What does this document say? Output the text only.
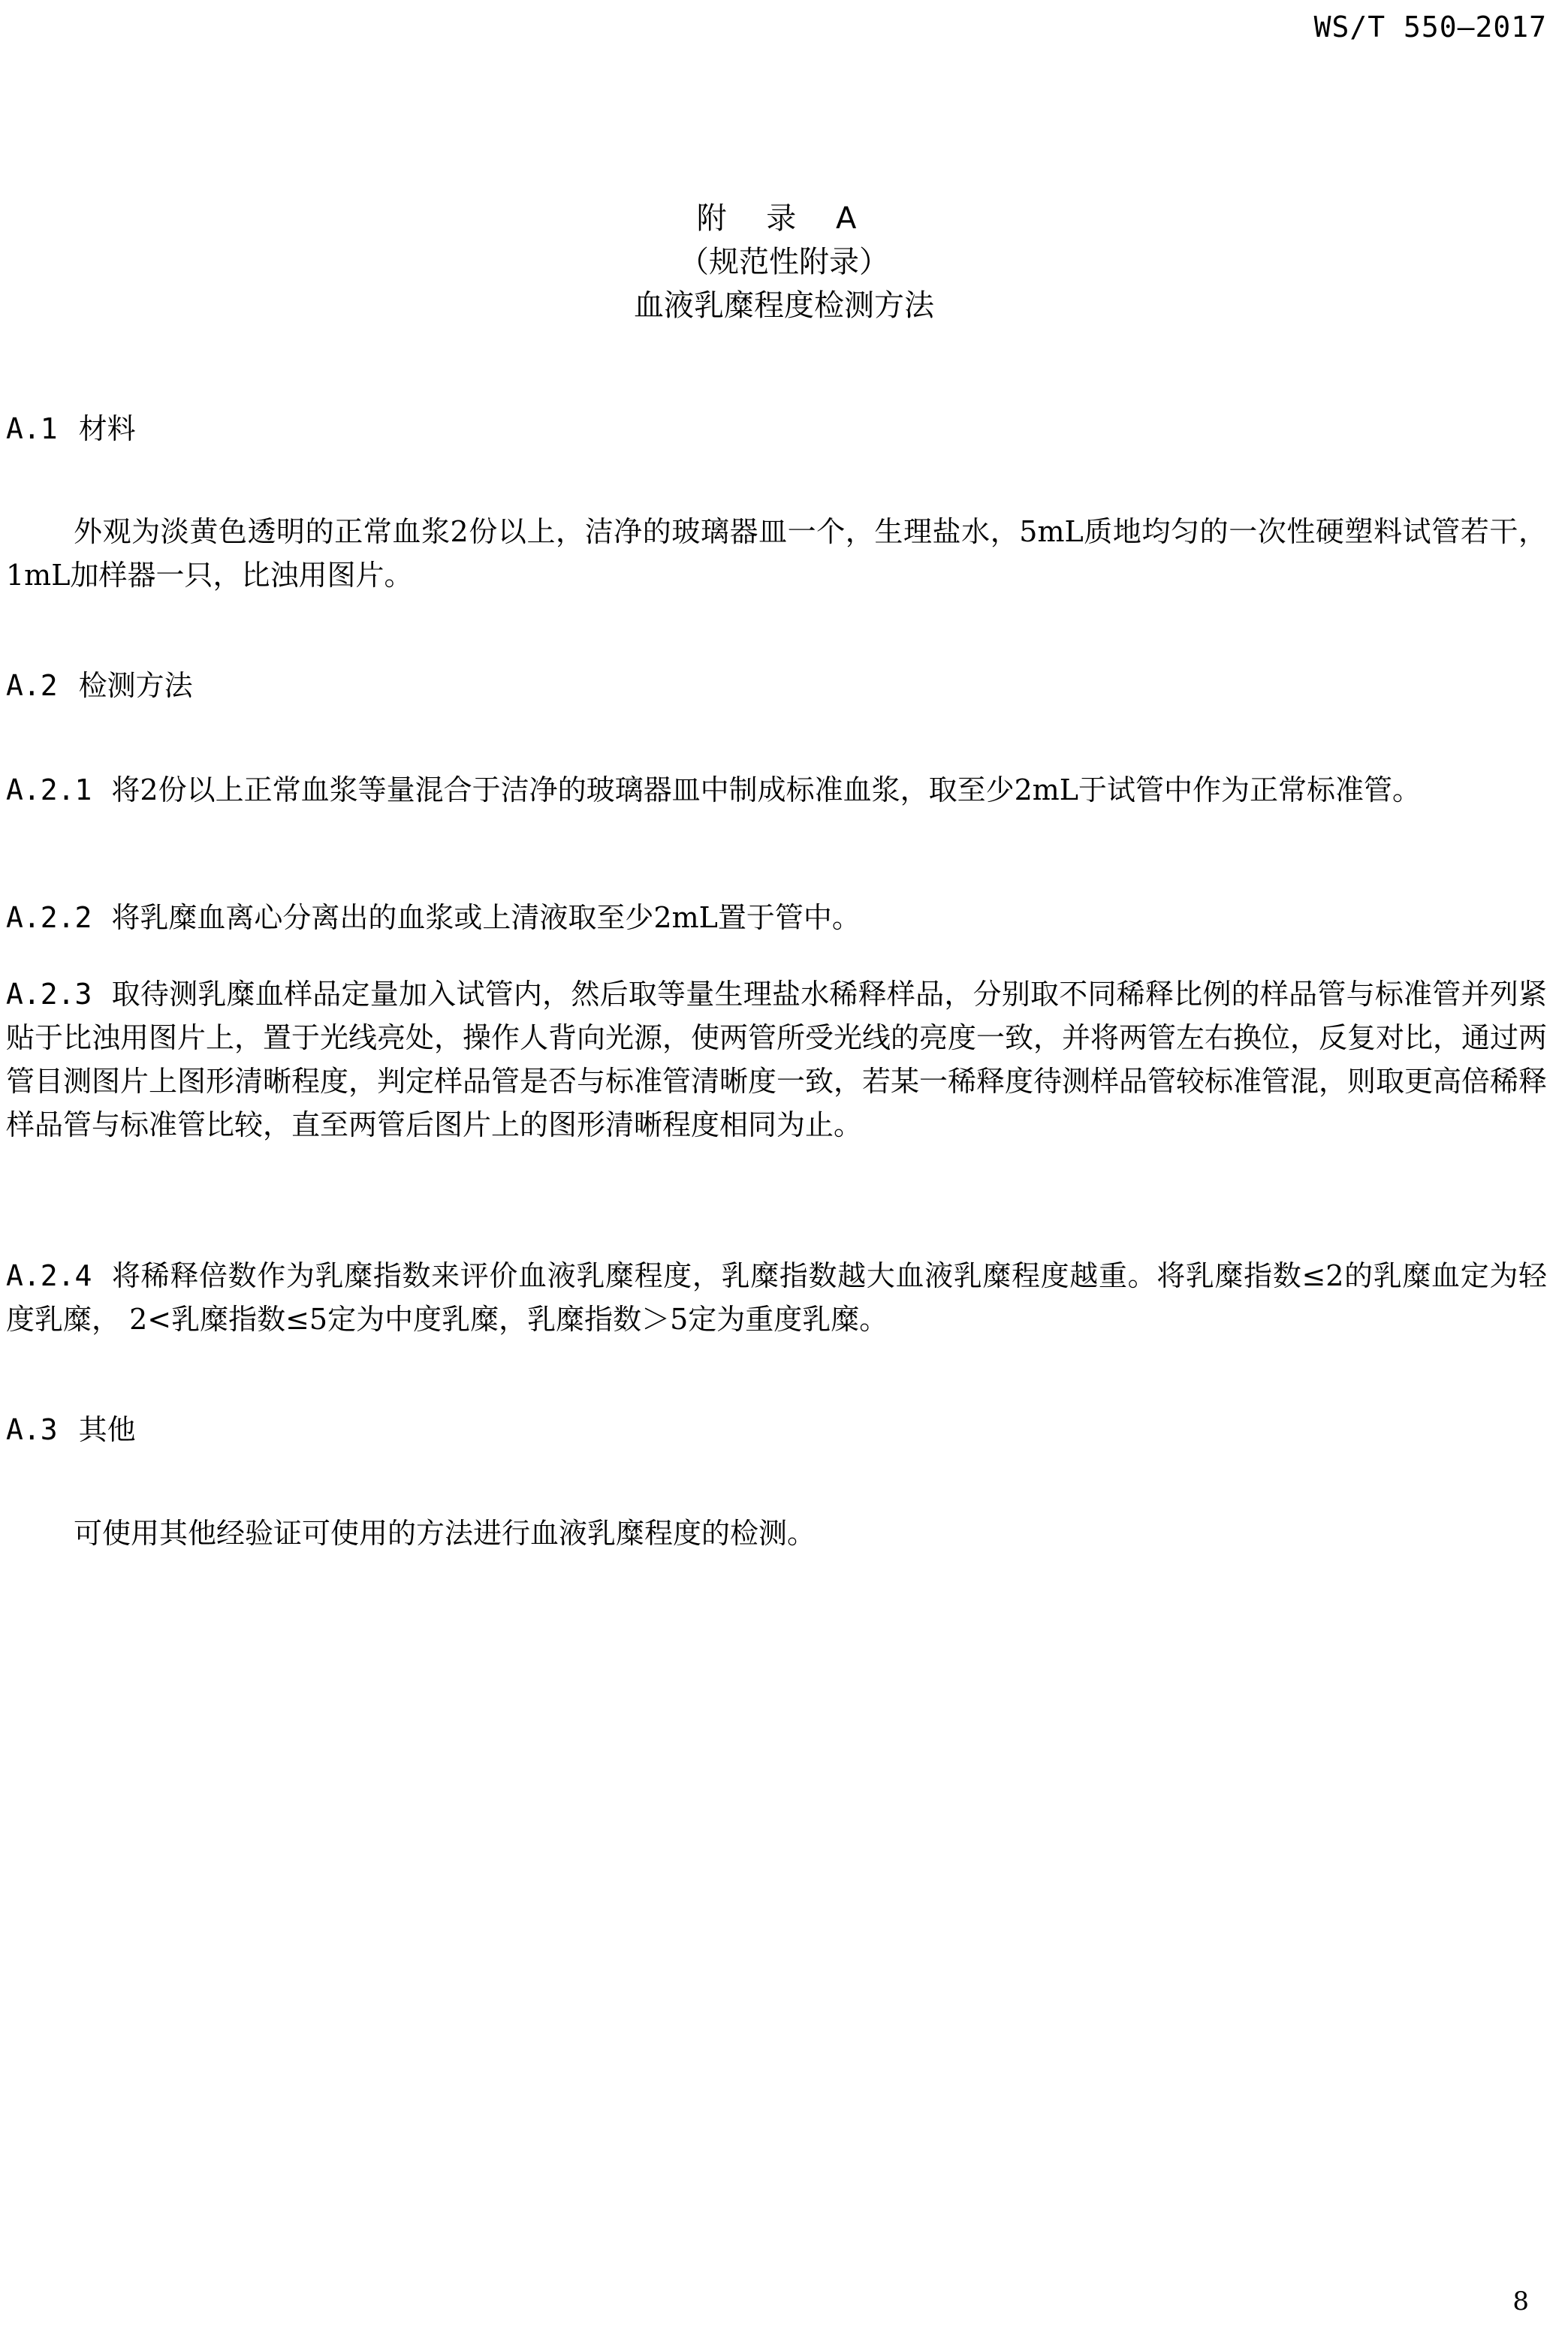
WS/T 550—2017
附 录 A
（规范性附录）
血液乳糜程度检测方法
A.1 材料
外观为淡黄色透明的正常血浆2份以上，洁净的玻璃器皿一个，生理盐水，5mL质地均匀的一次性硬塑料试管若干，1mL加样器一只，比浊用图片。
A.2 检测方法
A.2.1 将2份以上正常血浆等量混合于洁净的玻璃器皿中制成标准血浆，取至少2mL于试管中作为正常标准管。
A.2.2 将乳糜血离心分离出的血浆或上清液取至少2mL置于管中。
A.2.3 取待测乳糜血样品定量加入试管内，然后取等量生理盐水稀释样品，分别取不同稀释比例的样品管与标准管并列紧贴于比浊用图片上，置于光线亮处，操作人背向光源，使两管所受光线的亮度一致，并将两管左右换位，反复对比，通过两管目测图片上图形清晰程度，判定样品管是否与标准管清晰度一致，若某一稀释度待测样品管较标准管混，则取更高倍稀释样品管与标准管比较，直至两管后图片上的图形清晰程度相同为止。
A.2.4 将稀释倍数作为乳糜指数来评价血液乳糜程度，乳糜指数越大血液乳糜程度越重。将乳糜指数≤2的乳糜血定为轻度乳糜， 2<乳糜指数≤5定为中度乳糜，乳糜指数＞5定为重度乳糜。
A.3 其他
可使用其他经验证可使用的方法进行血液乳糜程度的检测。
8
